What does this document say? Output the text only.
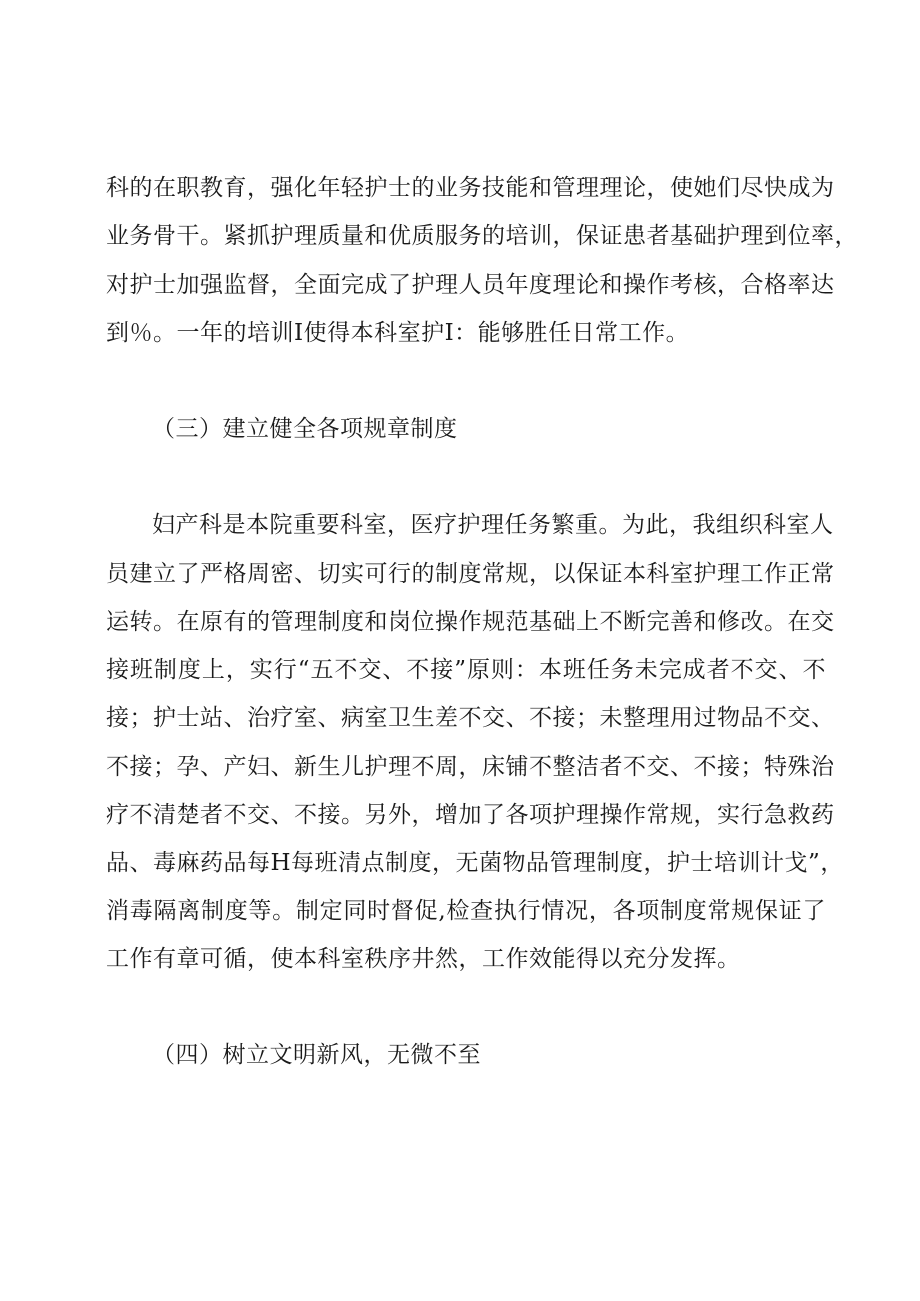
科的在职教育，强化年轻护士的业务技能和管理理论，使她们尽快成为
业务骨干。紧抓护理质量和优质服务的培训，保证患者基础护理到位率，
对护士加强监督，全面完成了护理人员年度理论和操作考核，合格率达
到％。一年的培训I使得本科室护I：能够胜任日常工作。
（三）建立健全各项规章制度
妇产科是本院重要科室，医疗护理任务繁重。为此，我组织科室人
员建立了严格周密、切实可行的制度常规，以保证本科室护理工作正常
运转。在原有的管理制度和岗位操作规范基础上不断完善和修改。在交
接班制度上，实行“五不交、不接”原则：本班任务未完成者不交、不
接；护士站、治疗室、病室卫生差不交、不接；未整理用过物品不交、
不接；孕、产妇、新生儿护理不周，床铺不整洁者不交、不接；特殊治
疗不清楚者不交、不接。另外，增加了各项护理操作常规，实行急救药
品、毒麻药品每H每班清点制度，无菌物品管理制度，护士培训计戈”，
消毒隔离制度等。制定同时督促,检查执行情况，各项制度常规保证了
工作有章可循，使本科室秩序井然，工作效能得以充分发挥。
（四）树立文明新风，无微不至
